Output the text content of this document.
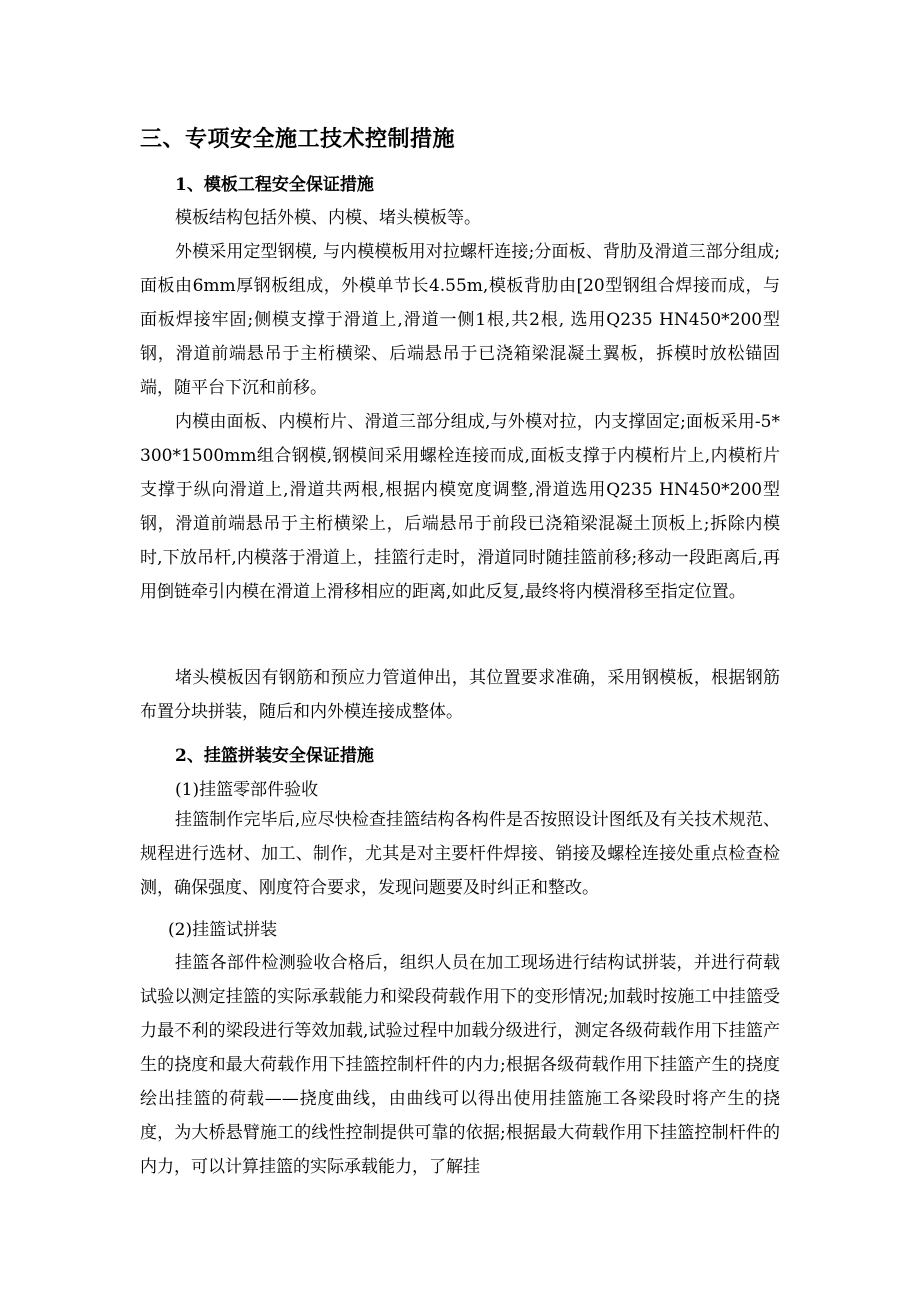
三、专项安全施工技术控制措施
1、模板工程安全保证措施
模板结构包括外模、内模、堵头模板等。
外模采用定型钢模, 与内模模板用对拉螺杆连接;分面板、背肋及滑道三部分组成;面板由6mm厚钢板组成，外模单节长4.55m,模板背肋由[20型钢组合焊接而成，与面板焊接牢固;侧模支撑于滑道上,滑道一侧1根,共2根, 选用Q235 HN450*200型钢，滑道前端悬吊于主桁横梁、后端悬吊于已浇箱梁混凝土翼板，拆模时放松锚固端，随平台下沉和前移。
内模由面板、内模桁片、滑道三部分组成,与外模对拉，内支撑固定;面板采用-5*300*1500mm组合钢模,钢模间采用螺栓连接而成,面板支撑于内模桁片上,内模桁片支撑于纵向滑道上,滑道共两根,根据内模宽度调整,滑道选用Q235 HN450*200型钢，滑道前端悬吊于主桁横梁上，后端悬吊于前段已浇箱梁混凝土顶板上;拆除内模时,下放吊杆,内模落于滑道上，挂篮行走时，滑道同时随挂篮前移;移动一段距离后,再用倒链牵引内模在滑道上滑移相应的距离,如此反复,最终将内模滑移至指定位置。
堵头模板因有钢筋和预应力管道伸出，其位置要求准确，采用钢模板，根据钢筋布置分块拼装，随后和内外模连接成整体。
2、挂篮拼装安全保证措施
(1)挂篮零部件验收
挂篮制作完毕后,应尽快检查挂篮结构各构件是否按照设计图纸及有关技术规范、规程进行选材、加工、制作，尤其是对主要杆件焊接、销接及螺栓连接处重点检查检测，确保强度、刚度符合要求，发现问题要及时纠正和整改。
(2)挂篮试拼装
挂篮各部件检测验收合格后，组织人员在加工现场进行结构试拼装，并进行荷载试验以测定挂篮的实际承载能力和梁段荷载作用下的变形情况;加载时按施工中挂篮受力最不利的梁段进行等效加载,试验过程中加载分级进行，测定各级荷载作用下挂篮产生的挠度和最大荷载作用下挂篮控制杆件的内力;根据各级荷载作用下挂篮产生的挠度绘出挂篮的荷载——挠度曲线，由曲线可以得出使用挂篮施工各梁段时将产生的挠度，为大桥悬臂施工的线性控制提供可靠的依据;根据最大荷载作用下挂篮控制杆件的内力，可以计算挂篮的实际承载能力，了解挂
